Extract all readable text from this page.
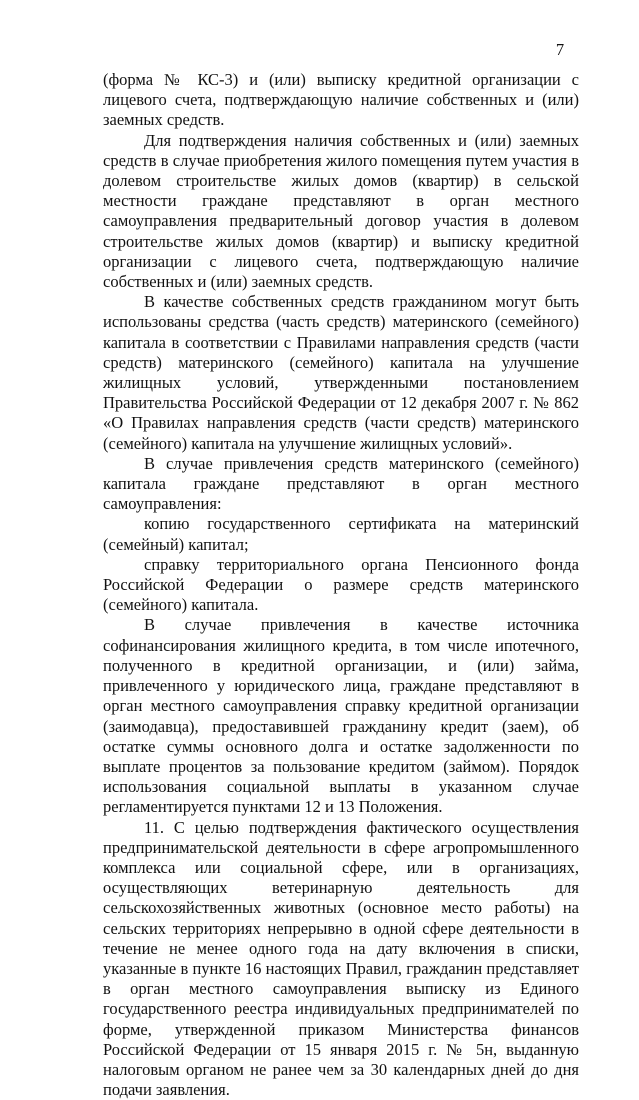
7

(форма № КС-3) и (или) выписку кредитной организации с лицевого счета, подтверждающую наличие собственных и (или) заемных средств.

Для подтверждения наличия собственных и (или) заемных средств в случае приобретения жилого помещения путем участия в долевом строительстве жилых домов (квартир) в сельской местности граждане представляют в орган местного самоуправления предварительный договор участия в долевом строительстве жилых домов (квартир) и выписку кредитной организации с лицевого счета, подтверждающую наличие собственных и (или) заемных средств.

В качестве собственных средств гражданином могут быть использованы средства (часть средств) материнского (семейного) капитала в соответствии с Правилами направления средств (части средств) материнского (семейного) капитала на улучшение жилищных условий, утвержденными постановлением Правительства Российской Федерации от 12 декабря 2007 г. № 862 «О Правилах направления средств (части средств) материнского (семейного) капитала на улучшение жилищных условий».

В случае привлечения средств материнского (семейного) капитала граждане представляют в орган местного самоуправления:

копию государственного сертификата на материнский (семейный) капитал;

справку территориального органа Пенсионного фонда Российской Федерации о размере средств материнского (семейного) капитала.

В случае привлечения в качестве источника софинансирования жилищного кредита, в том числе ипотечного, полученного в кредитной организации, и (или) займа, привлеченного у юридического лица, граждане представляют в орган местного самоуправления справку кредитной организации (заимодавца), предоставившей гражданину кредит (заем), об остатке суммы основного долга и остатке задолженности по выплате процентов за пользование кредитом (займом). Порядок использования социальной выплаты в указанном случае регламентируется пунктами 12 и 13 Положения.

11. С целью подтверждения фактического осуществления предпринимательской деятельности в сфере агропромышленного комплекса или социальной сфере, или в организациях, осуществляющих ветеринарную деятельность для сельскохозяйственных животных (основное место работы) на сельских территориях непрерывно в одной сфере деятельности в течение не менее одного года на дату включения в списки, указанные в пункте 16 настоящих Правил, гражданин представляет в орган местного самоуправления выписку из Единого государственного реестра индивидуальных предпринимателей по форме, утвержденной приказом Министерства финансов Российской Федерации от 15 января 2015 г. № 5н, выданную налоговым органом не ранее чем за 30 календарных дней до дня подачи заявления.
